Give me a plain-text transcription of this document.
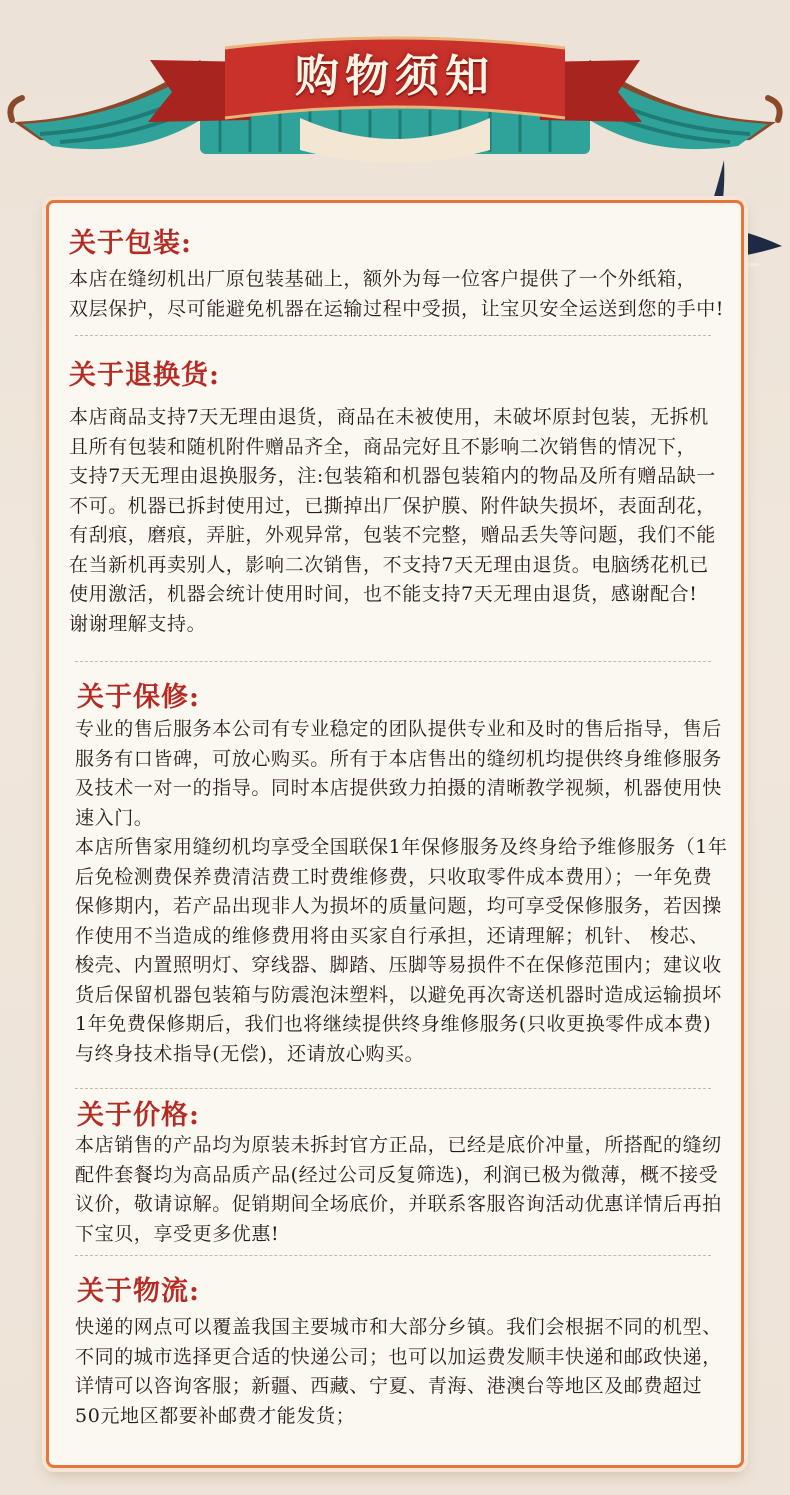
购物须知
关于包装:

本店在缝纫机出厂原包装基础上，额外为每一位客户提供了一个外纸箱，
双层保护，尽可能避免机器在运输过程中受损，让宝贝安全运送到您的手中!

关于退换货:

本店商品支持7天无理由退货，商品在未被使用，未破坏原封包装，无拆机
且所有包装和随机附件赠品齐全，商品完好且不影响二次销售的情况下，
支持7天无理由退换服务，注:包装箱和机器包装箱内的物品及所有赠品缺一
不可。机器已拆封使用过，已撕掉出厂保护膜、附件缺失损坏，表面刮花，
有刮痕，磨痕，弄脏，外观异常，包装不完整，赠品丢失等问题，我们不能
在当新机再卖别人，影响二次销售，不支持7天无理由退货。电脑绣花机已
使用激活，机器会统计使用时间，也不能支持7天无理由退货，感谢配合!
谢谢理解支持。

关于保修:

专业的售后服务本公司有专业稳定的团队提供专业和及时的售后指导，售后
服务有口皆碑，可放心购买。所有于本店售出的缝纫机均提供终身维修服务
及技术一对一的指导。同时本店提供致力拍摄的清晰教学视频，机器使用快
速入门。
本店所售家用缝纫机均享受全国联保1年保修服务及终身给予维修服务（1年
后免检测费保养费清洁费工时费维修费，只收取零件成本费用）；一年免费
保修期内，若产品出现非人为损坏的质量问题，均可享受保修服务，若因操
作使用不当造成的维修费用将由买家自行承担，还请理解；机针、 梭芯、
梭壳、内置照明灯、穿线器、脚踏、压脚等易损件不在保修范围内；建议收
货后保留机器包装箱与防震泡沫塑料，以避免再次寄送机器时造成运输损坏
1年免费保修期后，我们也将继续提供终身维修服务(只收更换零件成本费)
与终身技术指导(无偿)，还请放心购买。

关于价格:

本店销售的产品均为原装未拆封官方正品，已经是底价冲量，所搭配的缝纫
配件套餐均为高品质产品(经过公司反复筛选)，利润已极为微薄，概不接受
议价，敬请谅解。促销期间全场底价，并联系客服咨询活动优惠详情后再拍
下宝贝，享受更多优惠!

关于物流:

快递的网点可以覆盖我国主要城市和大部分乡镇。我们会根据不同的机型、
不同的城市选择更合适的快递公司；也可以加运费发顺丰快递和邮政快递，
详情可以咨询客服；新疆、西藏、宁夏、青海、港澳台等地区及邮费超过
50元地区都要补邮费才能发货；
